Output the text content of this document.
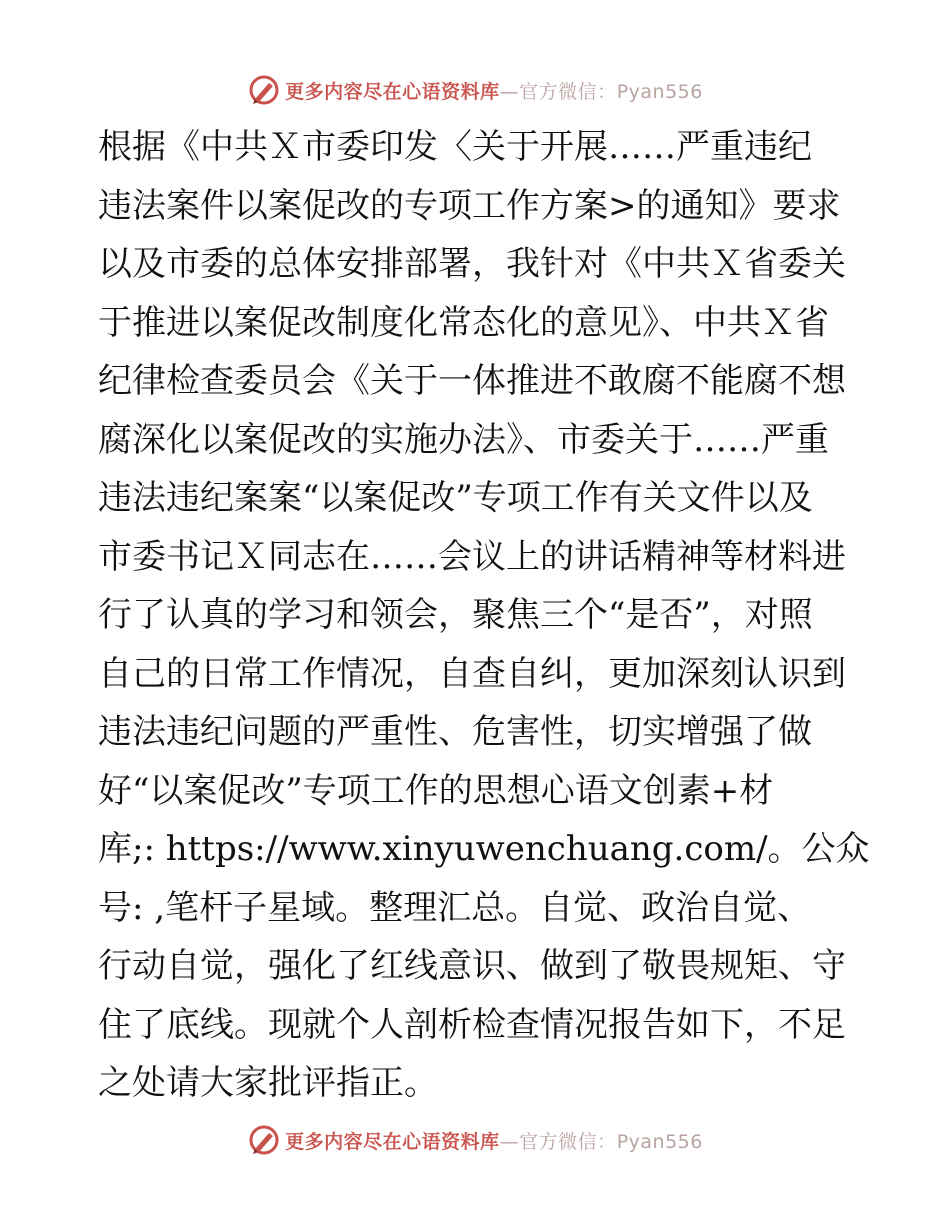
更多内容尽在心语资料库—官方微信：Pyan556
根据《中共Ｘ市委印发〈关于开展……严重违纪
违法案件以案促改的专项工作方案>的通知》要求
以及市委的总体安排部署，我针对《中共Ｘ省委关
于推进以案促改制度化常态化的意见》、中共Ｘ省
纪律检查委员会《关于一体推进不敢腐不能腐不想
腐深化以案促改的实施办法》、市委关于……严重
违法违纪案案“以案促改”专项工作有关文件以及
市委书记Ｘ同志在……会议上的讲话精神等材料进
行了认真的学习和领会，聚焦三个“是否”，对照
自己的日常工作情况，自查自纠，更加深刻认识到
违法违纪问题的严重性、危害性，切实增强了做
好“以案促改”专项工作的思想心语文创素+材
库;: https://www.xinyuwenchuang.com/。公众
号: ,笔杆子星域。整理汇总。自觉、政治自觉、
行动自觉，强化了红线意识、做到了敬畏规矩、守
住了底线。现就个人剖析检查情况报告如下，不足
之处请大家批评指正。
更多内容尽在心语资料库—官方微信：Pyan556
